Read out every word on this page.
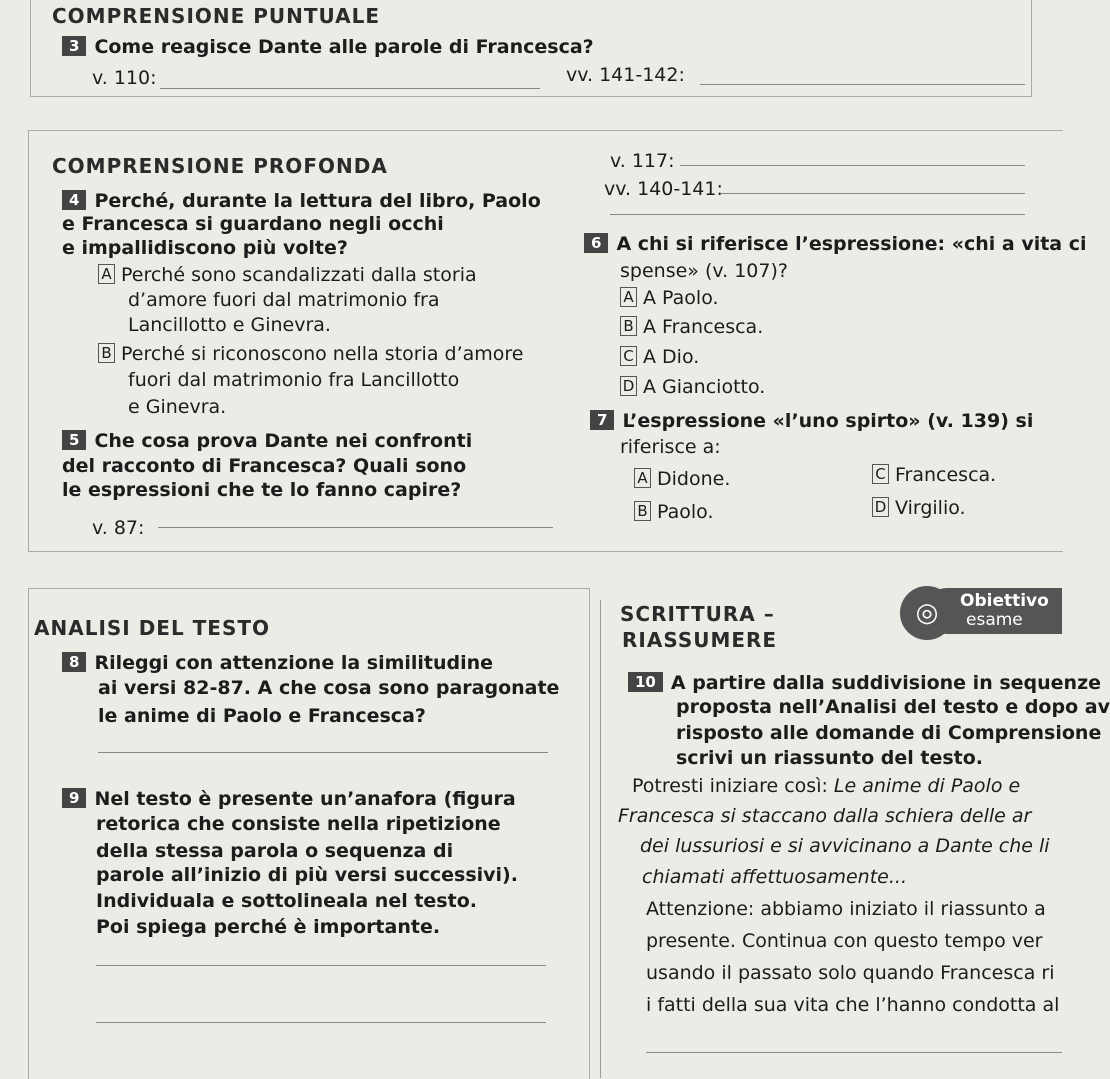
COMPRENSIONE PUNTUALE
3 Come reagisce Dante alle parole di Francesca?
v. 110:	vv. 141-142:
COMPRENSIONE PROFONDA	v. 117:
vv. 140-141:
4 Perché, durante la lettura del libro, Paolo
e Francesca si guardano negli occhi
e impallidiscono più volte?
A Perché sono scandalizzati dalla storia
d’amore fuori dal matrimonio fra
Lancillotto e Ginevra.
B Perché si riconoscono nella storia d’amore
fuori dal matrimonio fra Lancillotto
e Ginevra.
5 Che cosa prova Dante nei confronti
del racconto di Francesca? Quali sono
le espressioni che te lo fanno capire?
v. 87:
6 A chi si riferisce l’espressione: «chi a vita ci
spense» (v. 107)?
A A Paolo.
B A Francesca.
C A Dio.
D A Gianciotto.
7 L’espressione «l’uno spirto» (v. 139) si
riferisce a:
A Didone.
B Paolo.
C Francesca.
D Virgilio.
ANALISI DEL TESTO
8 Rileggi con attenzione la similitudine
ai versi 82-87. A che cosa sono paragonate
le anime di Paolo e Francesca?
9 Nel testo è presente un’anafora (figura
retorica che consiste nella ripetizione
della stessa parola o sequenza di
parole all’inizio di più versi successivi).
Individuala e sottolineala nel testo.
Poi spiega perché è importante.
SCRITTURA –
RIASSUMERE
◎	Obiettivo
esame
10 A partire dalla suddivisione in sequenze
proposta nell’Analisi del testo e dopo av
risposto alle domande di Comprensione
scrivi un riassunto del testo.
Potresti iniziare così: Le anime di Paolo e
Francesca si staccano dalla schiera delle ar
dei lussuriosi e si avvicinano a Dante che li
chiamati affettuosamente...
Attenzione: abbiamo iniziato il riassunto a
presente. Continua con questo tempo ver
usando il passato solo quando Francesca ri
i fatti della sua vita che l’hanno condotta al
